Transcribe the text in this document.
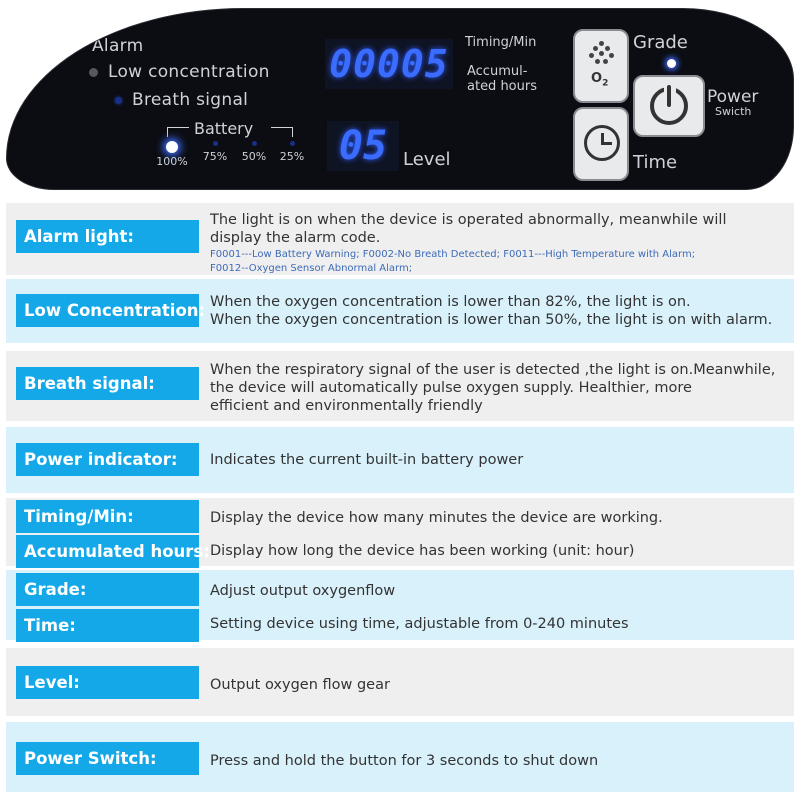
Alarm
Low concentration
Breath signal
Battery
100%	75%	50%	25%
00005	Timing/Min
Accumul-
ated hours
05 Level
$O_2$
Grade
Time
Power
Swicth
Alarm light:
The light is on when the device is operated abnormally, meanwhile will
display the alarm code.
F0001---Low Battery Warning; F0002-No Breath Detected; F0011---High Temperature with Alarm;
F0012--Oxygen Sensor Abnormal Alarm;
Low Concentration: When the oxygen concentration is lower than 82%, the light is on.
When the oxygen concentration is lower than 50%, the light is on with alarm.
Breath signal:
When the respiratory signal of the user is detected ,the light is on.Meanwhile,
the device will automatically pulse oxygen supply. Healthier, more
efficient and environmentally friendly
Power indicator:	Indicates the current built-in battery power
Timing/Min:	Display the device how many minutes the device are working.
Accumulated hours: Display how long the device has been working (unit: hour)
Grade:	Adjust output oxygenflow
Time:	Setting device using time, adjustable from 0-240 minutes
Level:	Output oxygen flow gear
Power Switch:	Press and hold the button for 3 seconds to shut down
